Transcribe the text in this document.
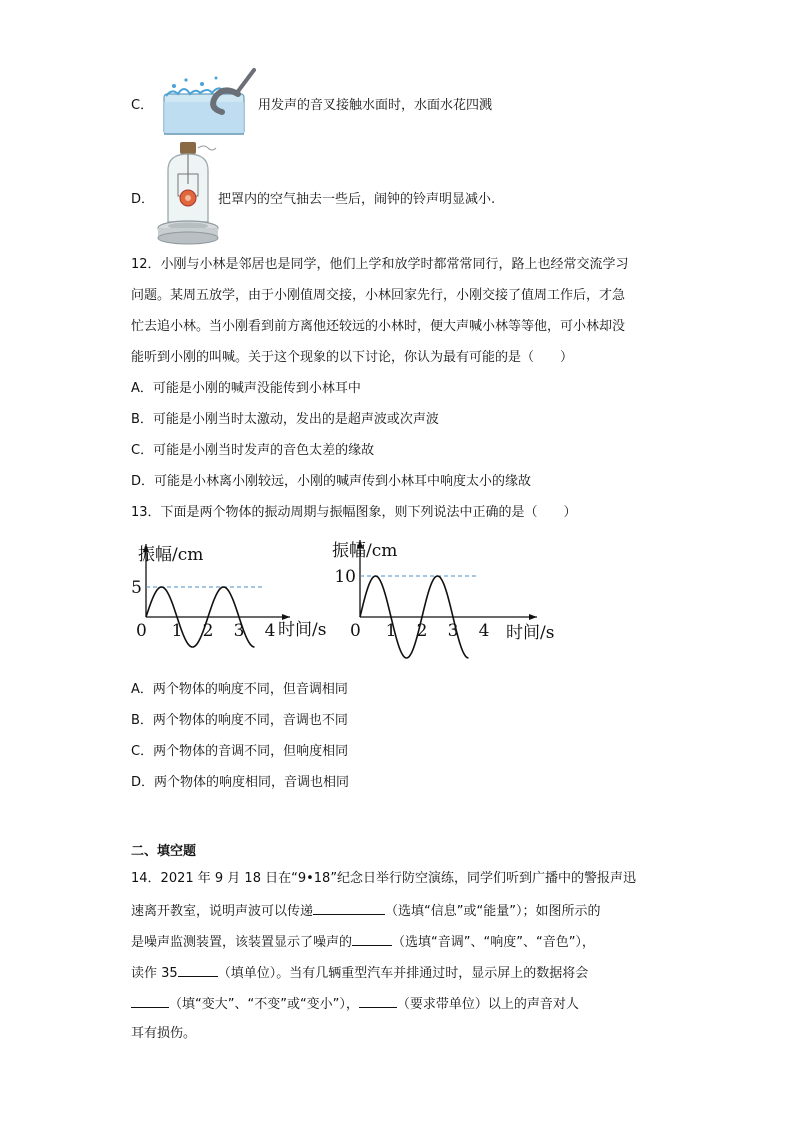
C．	用发声的音叉接触水面时，水面水花四溅
D．	把罩内的空气抽去一些后，闹钟的铃声明显减小.
12．小刚与小林是邻居也是同学，他们上学和放学时都常常同行，路上也经常交流学习
问题。某周五放学，由于小刚值周交接，小林回家先行，小刚交接了值周工作后，才急
忙去追小林。当小刚看到前方离他还较远的小林时，便大声喊小林等等他，可小林却没
能听到小刚的叫喊。关于这个现象的以下讨论，你认为最有可能的是（　　）
A．可能是小刚的喊声没能传到小林耳中
B．可能是小刚当时太激动，发出的是超声波或次声波
C．可能是小刚当时发声的音色太差的缘故
D．可能是小林离小刚较远，小刚的喊声传到小林耳中响度太小的缘故
13．下面是两个物体的振动周期与振幅图象，则下列说法中正确的是（　　）
振幅/cm
时间/s
5
0 1 2 3 4
振幅/cm
时间/s
10
0 1 2 3 4
A．两个物体的响度不同，但音调相同
B．两个物体的响度不同，音调也不同
C．两个物体的音调不同，但响度相同
D．两个物体的响度相同，音调也相同
二、填空题
14．2021 年 9 月 18 日在“9•18”纪念日举行防空演练，同学们听到广播中的警报声迅
速离开教室，说明声波可以传递	（选填“信息”或“能量”）；如图所示的
是噪声监测装置，该装置显示了噪声的	（选填“音调”、“响度”、“音色”），
读作 35	（填单位）。当有几辆重型汽车并排通过时，显示屏上的数据将会
（填“变大”、“不变”或“变小”），	（要求带单位）以上的声音对人
耳有损伤。
